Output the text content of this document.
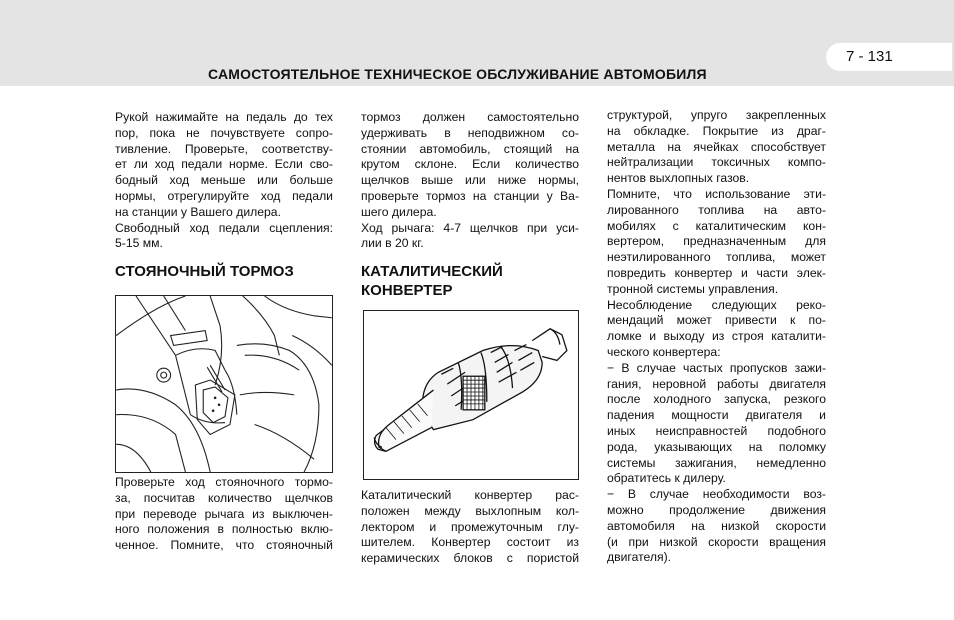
7 - 131
САМОСТОЯТЕЛЬНОЕ ТЕХНИЧЕСКОЕ ОБСЛУЖИВАНИЕ АВТОМОБИЛЯ
Рукой нажимайте на педаль до тех
пор, пока не почувствуете сопро-
тивление. Проверьте, соответству-
ет ли ход педали норме. Если сво-
бодный ход меньше или больше
нормы, отрегулируйте ход педали
на станции у Вашего дилера.
Свободный ход педали сцепления:
5-15 мм.
СТОЯНОЧНЫЙ ТОРМОЗ
Проверьте ход стояночного тормо-
за, посчитав количество щелчков
при переводе рычага из выключен-
ного положения в полностью вклю-
ченное. Помните, что стояночный
тормоз должен самостоятельно
удерживать в неподвижном со-
стоянии автомобиль, стоящий на
крутом склоне. Если количество
щелчков выше или ниже нормы,
проверьте тормоз на станции у Ва-
шего дилера.
Ход рычага: 4-7 щелчков при уси-
лии в 20 кг.
КАТАЛИТИЧЕСКИЙ
КОНВЕРТЕР
Каталитический конвертер рас-
положен между выхлопным кол-
лектором и промежуточным глу-
шителем. Конвертер состоит из
керамических блоков с пористой
структурой, упруго закрепленных
на обкладке. Покрытие из драг-
металла на ячейках способствует
нейтрализации токсичных компо-
нентов выхлопных газов.
Помните, что использование эти-
лированного топлива на авто-
мобилях с каталитическим кон-
вертером, предназначенным для
неэтилированного топлива, может
повредить конвертер и части элек-
тронной системы управления.
Несоблюдение следующих реко-
мендаций может привести к по-
ломке и выходу из строя каталити-
ческого конвертера:
− В случае частых пропусков зажи-
гания, неровной работы двигателя
после холодного запуска, резкого
падения мощности двигателя и
иных неисправностей подобного
рода, указывающих на поломку
системы зажигания, немедленно
обратитесь к дилеру.
− В случае необходимости воз-
можно продолжение движения
автомобиля на низкой скорости
(и при низкой скорости вращения
двигателя).
